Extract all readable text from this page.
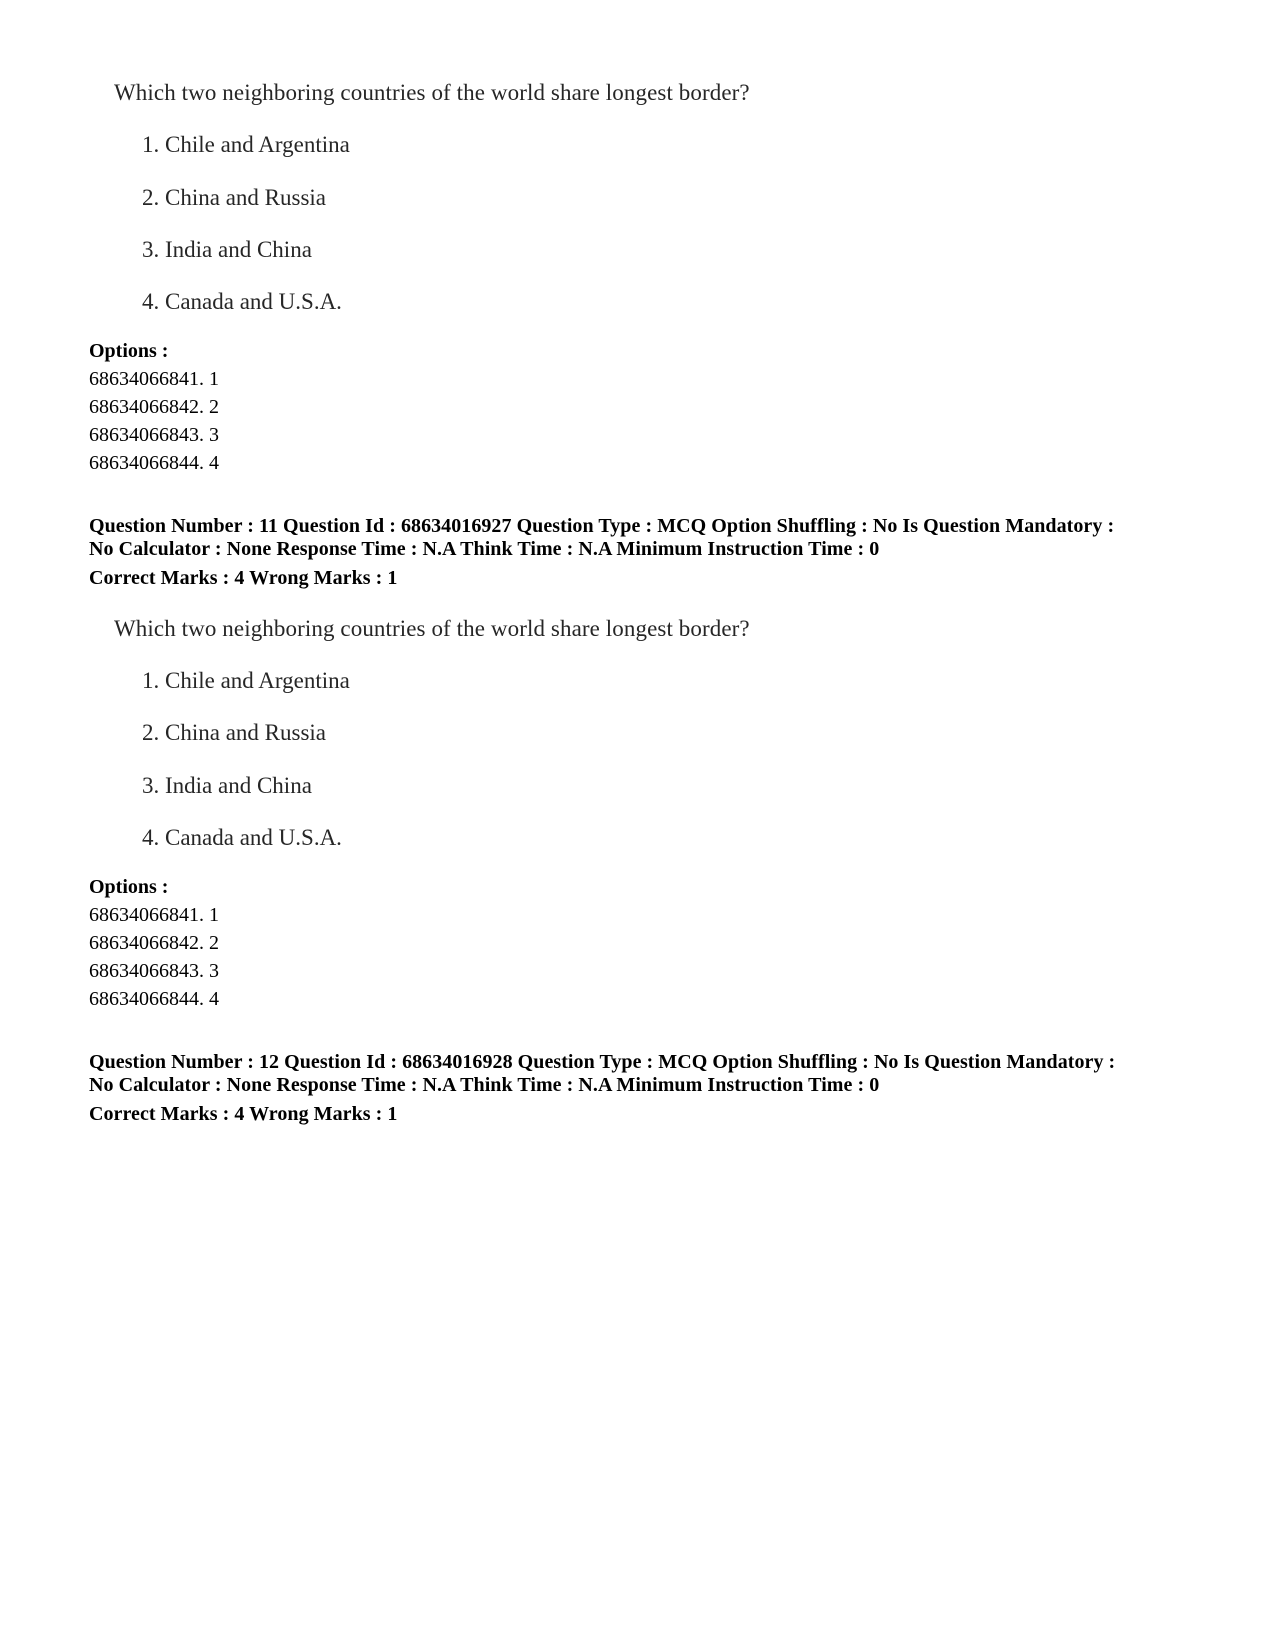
Which two neighboring countries of the world share longest border?
1. Chile and Argentina
2. China and Russia
3. India and China
4. Canada and U.S.A.
Options :
68634066841. 1
68634066842. 2
68634066843. 3
68634066844. 4
Question Number : 11 Question Id : 68634016927 Question Type : MCQ Option Shuffling : No Is Question Mandatory :
No Calculator : None Response Time : N.A Think Time : N.A Minimum Instruction Time : 0
Correct Marks : 4 Wrong Marks : 1
Which two neighboring countries of the world share longest border?
1. Chile and Argentina
2. China and Russia
3. India and China
4. Canada and U.S.A.
Options :
68634066841. 1
68634066842. 2
68634066843. 3
68634066844. 4
Question Number : 12 Question Id : 68634016928 Question Type : MCQ Option Shuffling : No Is Question Mandatory :
No Calculator : None Response Time : N.A Think Time : N.A Minimum Instruction Time : 0
Correct Marks : 4 Wrong Marks : 1
